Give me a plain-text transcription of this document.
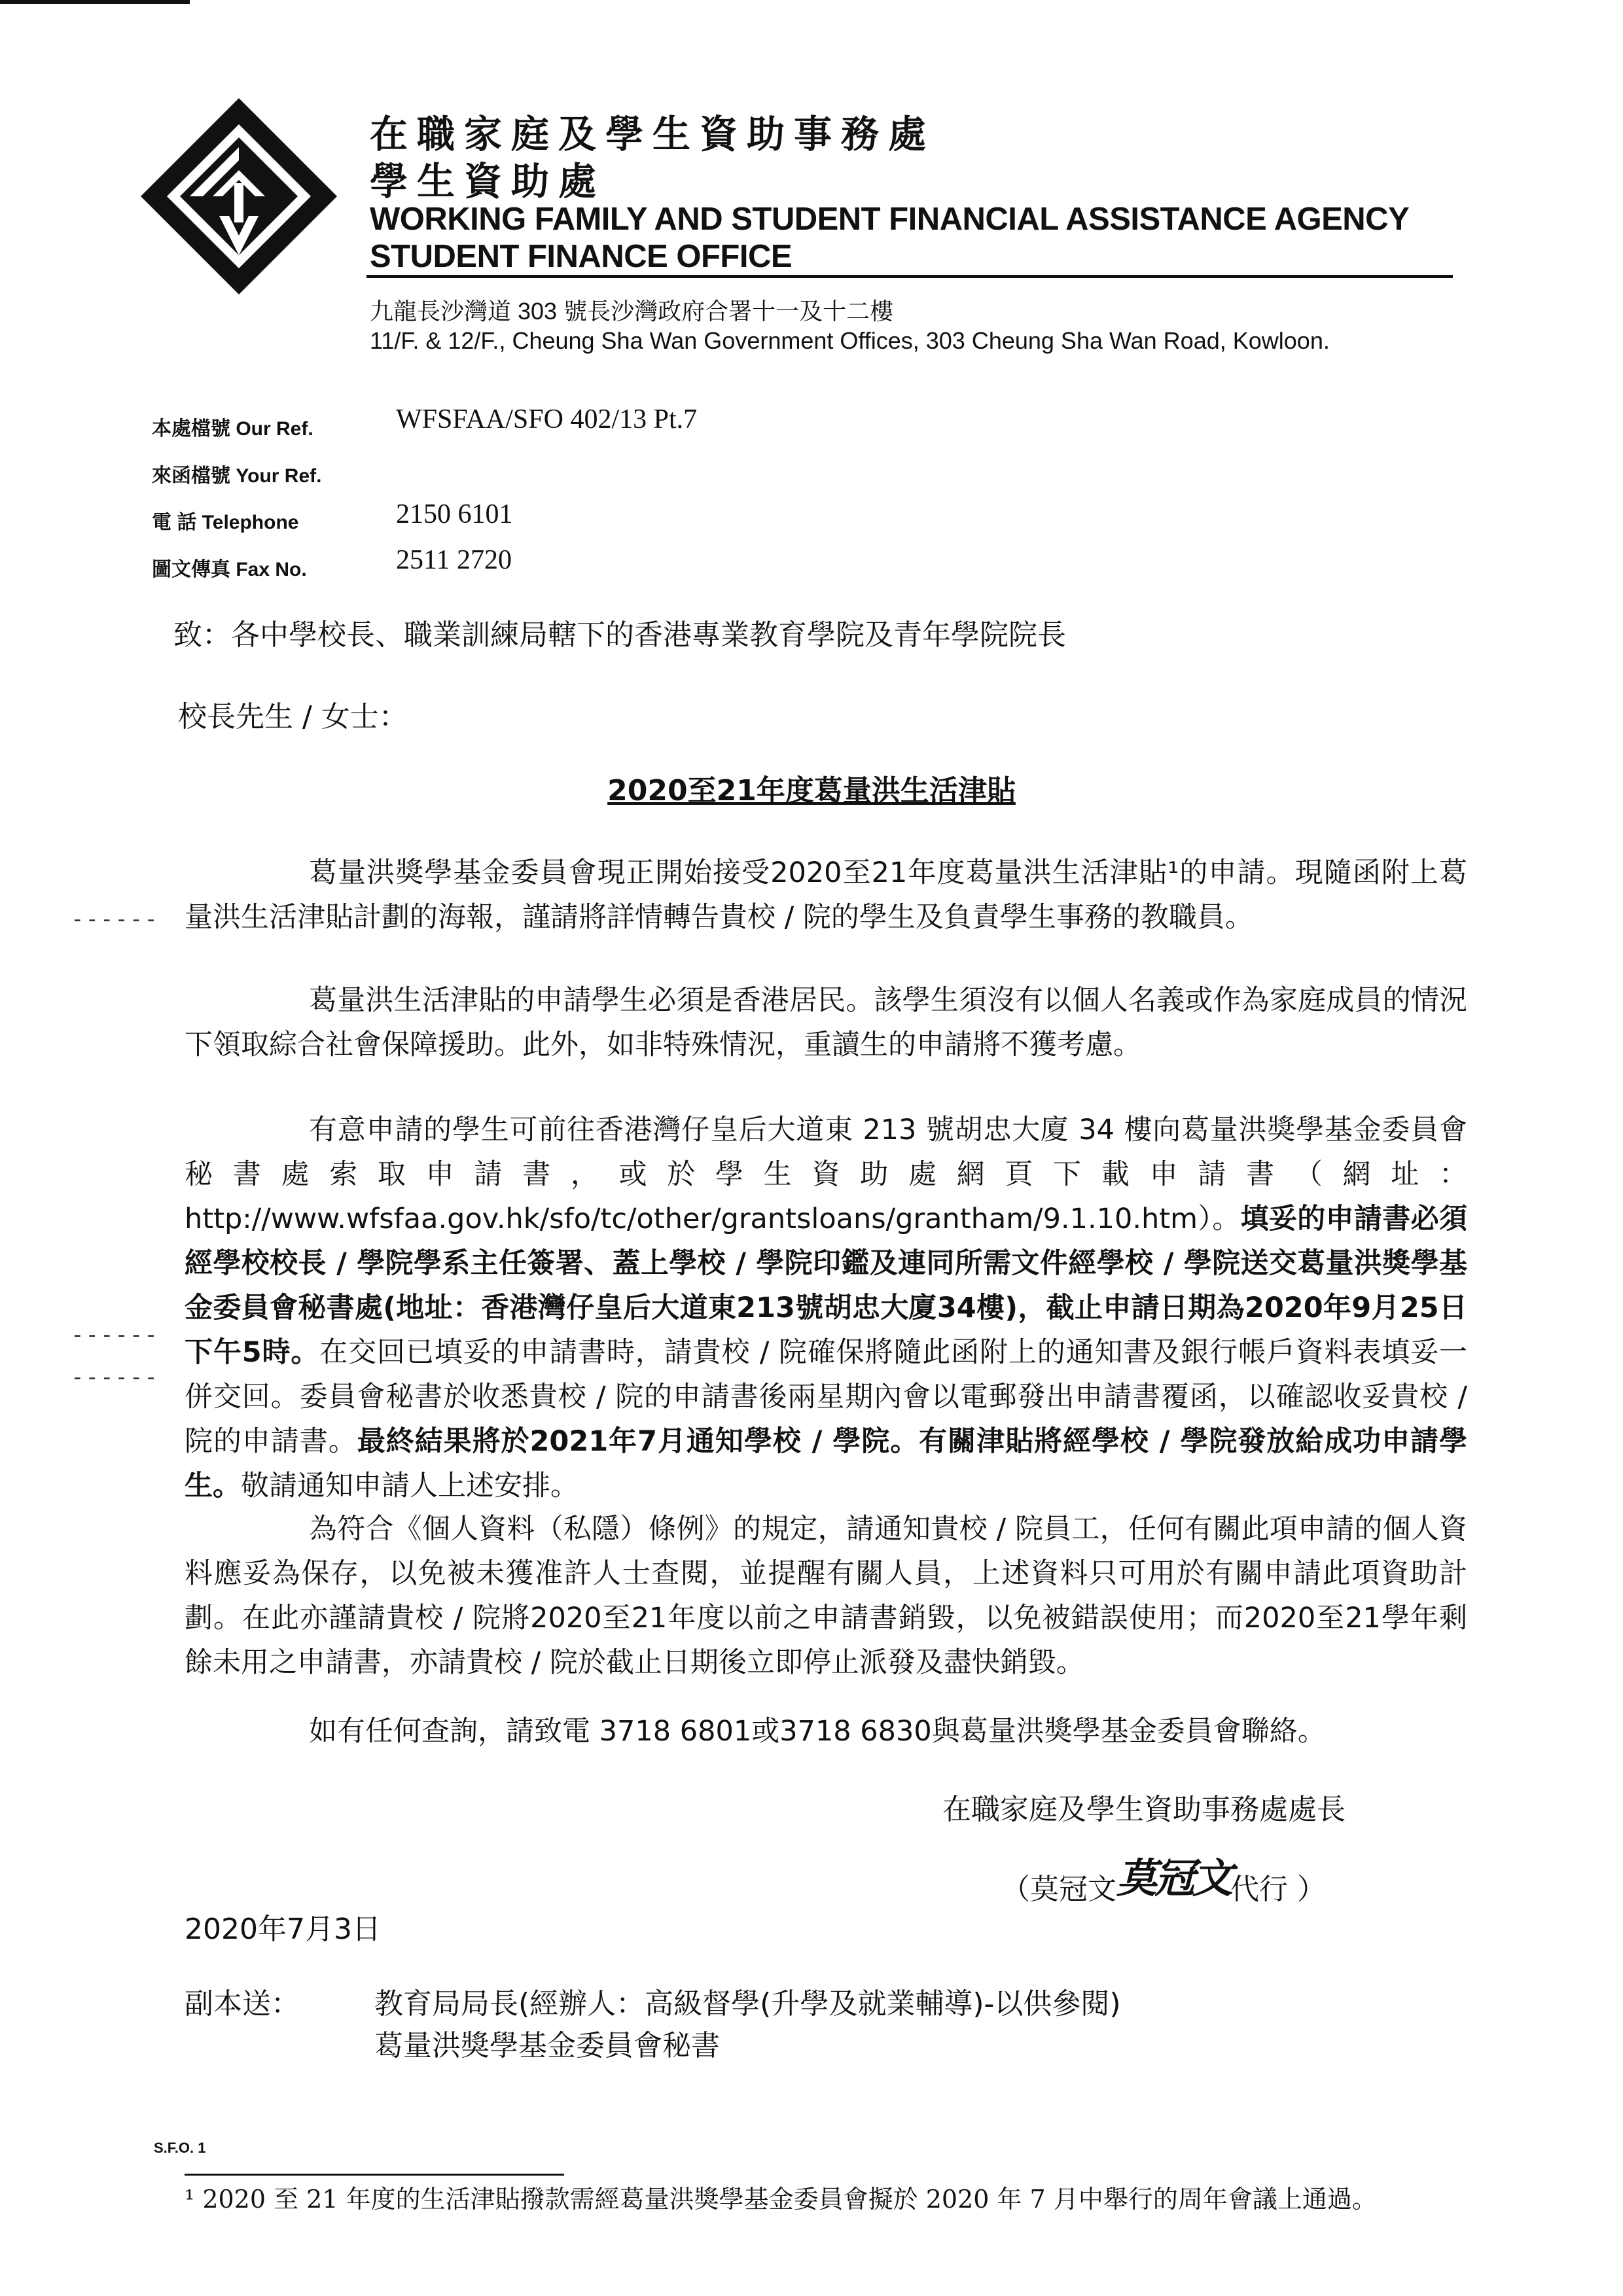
在職家庭及學生資助事務處
學生資助處
WORKING FAMILY AND STUDENT FINANCIAL ASSISTANCE AGENCY
STUDENT FINANCE OFFICE
九龍長沙灣道 303 號長沙灣政府合署十一及十二樓
11/F. & 12/F., Cheung Sha Wan Government Offices, 303 Cheung Sha Wan Road, Kowloon.
本處檔號 Our Ref.	WFSFAA/SFO 402/13 Pt.7
來函檔號 Your Ref.
電 話 Telephone	2150 6101
圖文傳真 Fax No.	2511 2720
致：各中學校長、職業訓練局轄下的香港專業教育學院及青年學院院長
校長先生 / 女士：
2020至21年度葛量洪生活津貼
葛量洪獎學基金委員會現正開始接受2020至21年度葛量洪生活津貼¹的申請。現隨函附上葛量洪生活津貼計劃的海報，謹請將詳情轉告貴校 / 院的學生及負責學生事務的教職員。
------
葛量洪生活津貼的申請學生必須是香港居民。該學生須沒有以個人名義或作為家庭成員的情況下領取綜合社會保障援助。此外，如非特殊情況，重讀生的申請將不獲考慮。
有意申請的學生可前往香港灣仔皇后大道東 213 號胡忠大廈 34 樓向葛量洪獎學基金委員會秘書處索取申請書，或於學生資助處網頁下載申請書（網址：http://www.wfsfaa.gov.hk/sfo/tc/other/grantsloans/grantham/9.1.10.htm）。填妥的申請書必須經學校校長 / 學院學系主任簽署、蓋上學校 / 學院印鑑及連同所需文件經學校 / 學院送交葛量洪獎學基金委員會秘書處(地址：香港灣仔皇后大道東213號胡忠大廈34樓)，截止申請日期為2020年9月25日下午5時。在交回已填妥的申請書時，請貴校 / 院確保將隨此函附上的通知書及銀行帳戶資料表填妥一併交回。委員會秘書於收悉貴校 / 院的申請書後兩星期內會以電郵發出申請書覆函，以確認收妥貴校 / 院的申請書。最終結果將於2021年7月通知學校 / 學院。有關津貼將經學校 / 學院發放給成功申請學生。敬請通知申請人上述安排。
------
------
為符合《個人資料（私隱）條例》的規定，請通知貴校 / 院員工，任何有關此項申請的個人資料應妥為保存，以免被未獲准許人士查閱，並提醒有關人員，上述資料只可用於有關申請此項資助計劃。在此亦謹請貴校 / 院將2020至21年度以前之申請書銷毀，以免被錯誤使用；而2020至21學年剩餘未用之申請書，亦請貴校 / 院於截止日期後立即停止派發及盡快銷毀。
如有任何查詢，請致電 3718 6801或3718 6830與葛量洪獎學基金委員會聯絡。
在職家庭及學生資助事務處處長
（莫冠文莫冠文代行 ）
2020年7月3日
副本送：	教育局局長(經辦人：高級督學(升學及就業輔導)-以供參閱)
葛量洪獎學基金委員會秘書
S.F.O. 1
¹ 2020 至 21 年度的生活津貼撥款需經葛量洪獎學基金委員會擬於 2020 年 7 月中舉行的周年會議上通過。
